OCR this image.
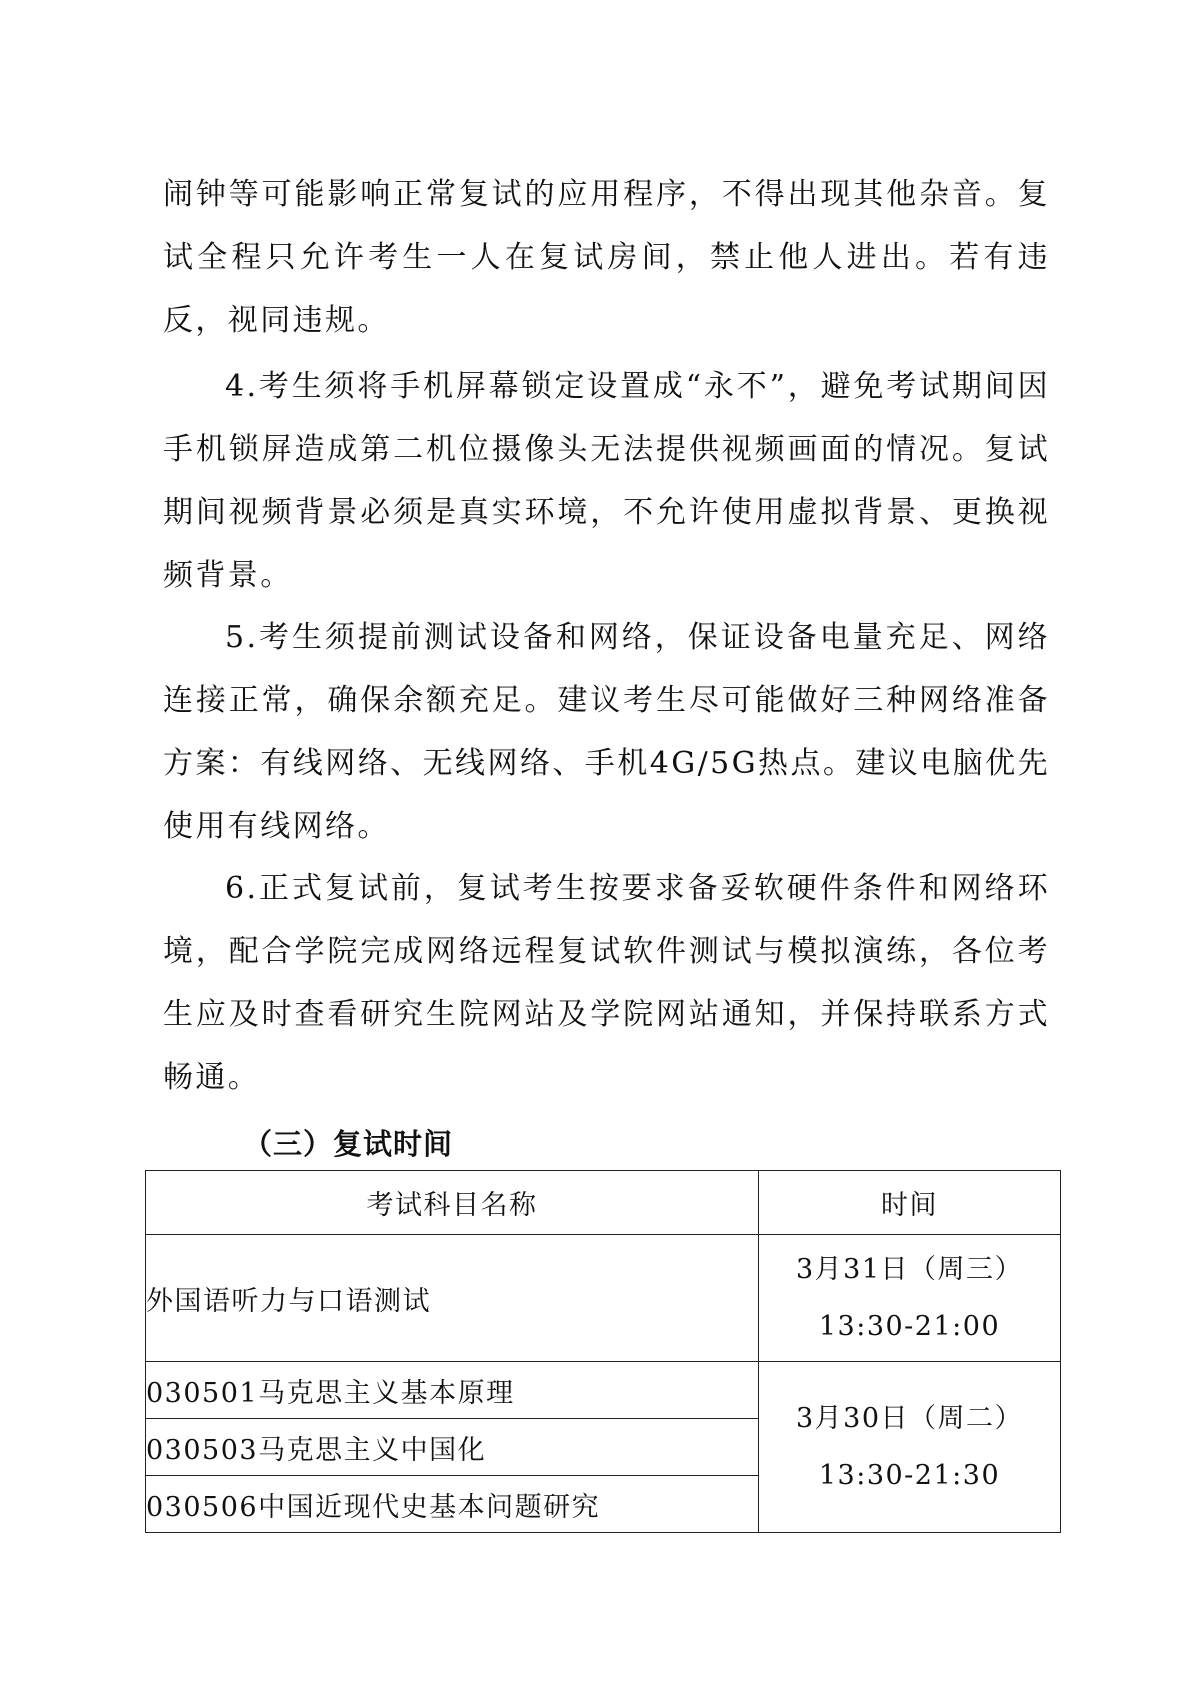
闹钟等可能影响正常复试的应用程序，不得出现其他杂音。复试全程只允许考生一人在复试房间，禁止他人进出。若有违反，视同违规。

4.考生须将手机屏幕锁定设置成“永不”，避免考试期间因手机锁屏造成第二机位摄像头无法提供视频画面的情况。复试期间视频背景必须是真实环境，不允许使用虚拟背景、更换视频背景。

5.考生须提前测试设备和网络，保证设备电量充足、网络连接正常，确保余额充足。建议考生尽可能做好三种网络准备方案：有线网络、无线网络、手机4G/5G热点。建议电脑优先使用有线网络。

6.正式复试前，复试考生按要求备妥软硬件条件和网络环境，配合学院完成网络远程复试软件测试与模拟演练，各位考生应及时查看研究生院网站及学院网站通知，并保持联系方式畅通。

（三）复试时间
考试科目名称	时间
外国语听力与口语测试	3月31日（周三）
13:30-21:00

030501马克思主义基本原理	3月30日（周二）
13:30-21:30

030503马克思主义中国化	
030506中国近现代史基本问题研究	
